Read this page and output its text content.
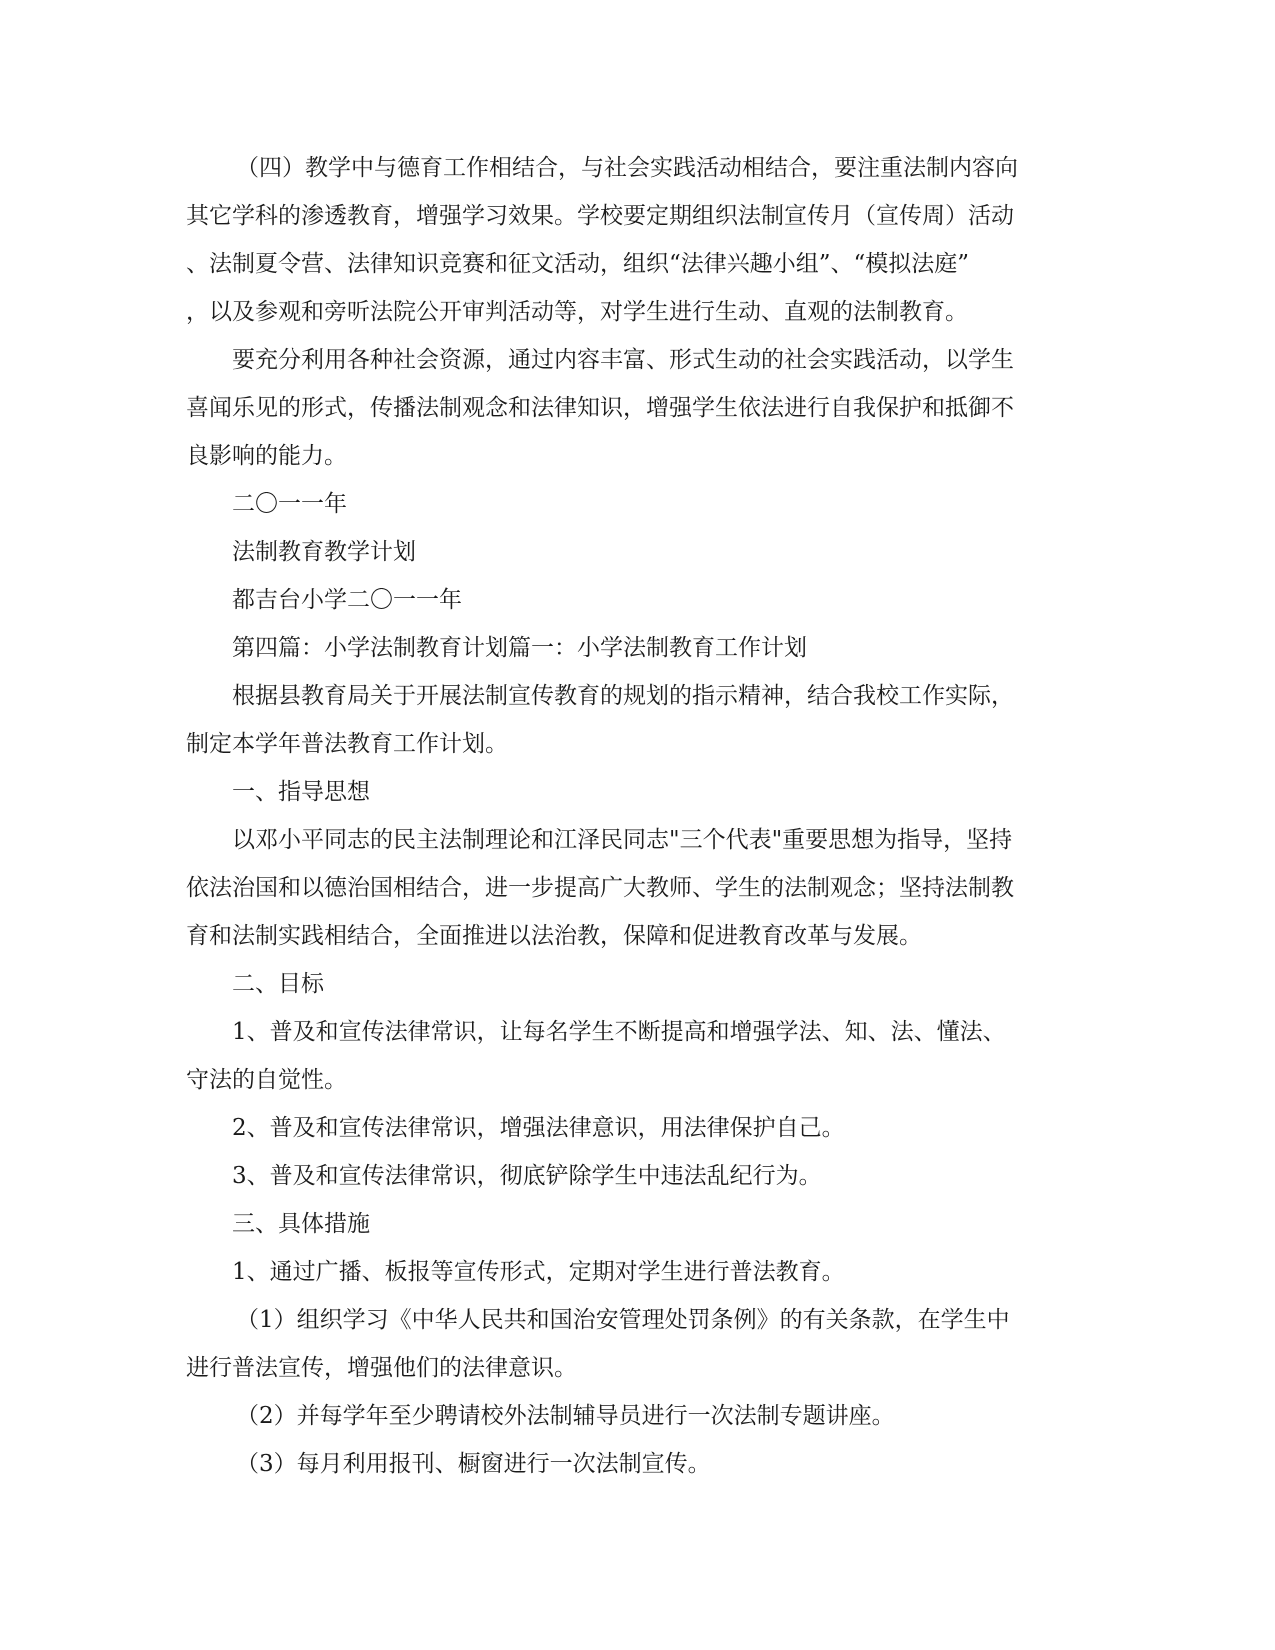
（四）教学中与德育工作相结合，与社会实践活动相结合，要注重法制内容向
其它学科的渗透教育，增强学习效果。学校要定期组织法制宣传月（宣传周）活动
、法制夏令营、法律知识竞赛和征文活动，组织“法律兴趣小组”、“模拟法庭”
，以及参观和旁听法院公开审判活动等，对学生进行生动、直观的法制教育。
要充分利用各种社会资源，通过内容丰富、形式生动的社会实践活动，以学生
喜闻乐见的形式，传播法制观念和法律知识，增强学生依法进行自我保护和抵御不
良影响的能力。
二〇一一年
法制教育教学计划
都吉台小学二〇一一年
第四篇：小学法制教育计划篇一：小学法制教育工作计划
根据县教育局关于开展法制宣传教育的规划的指示精神，结合我校工作实际，
制定本学年普法教育工作计划。
一、指导思想
以邓小平同志的民主法制理论和江泽民同志"三个代表"重要思想为指导，坚持
依法治国和以德治国相结合，进一步提高广大教师、学生的法制观念；坚持法制教
育和法制实践相结合，全面推进以法治教，保障和促进教育改革与发展。
二、目标
1、普及和宣传法律常识，让每名学生不断提高和增强学法、知、法、懂法、
守法的自觉性。
2、普及和宣传法律常识，增强法律意识，用法律保护自己。
3、普及和宣传法律常识，彻底铲除学生中违法乱纪行为。
三、具体措施
1、通过广播、板报等宣传形式，定期对学生进行普法教育。
（1）组织学习《中华人民共和国治安管理处罚条例》的有关条款，在学生中
进行普法宣传，增强他们的法律意识。
（2）并每学年至少聘请校外法制辅导员进行一次法制专题讲座。
（3）每月利用报刊、橱窗进行一次法制宣传。
